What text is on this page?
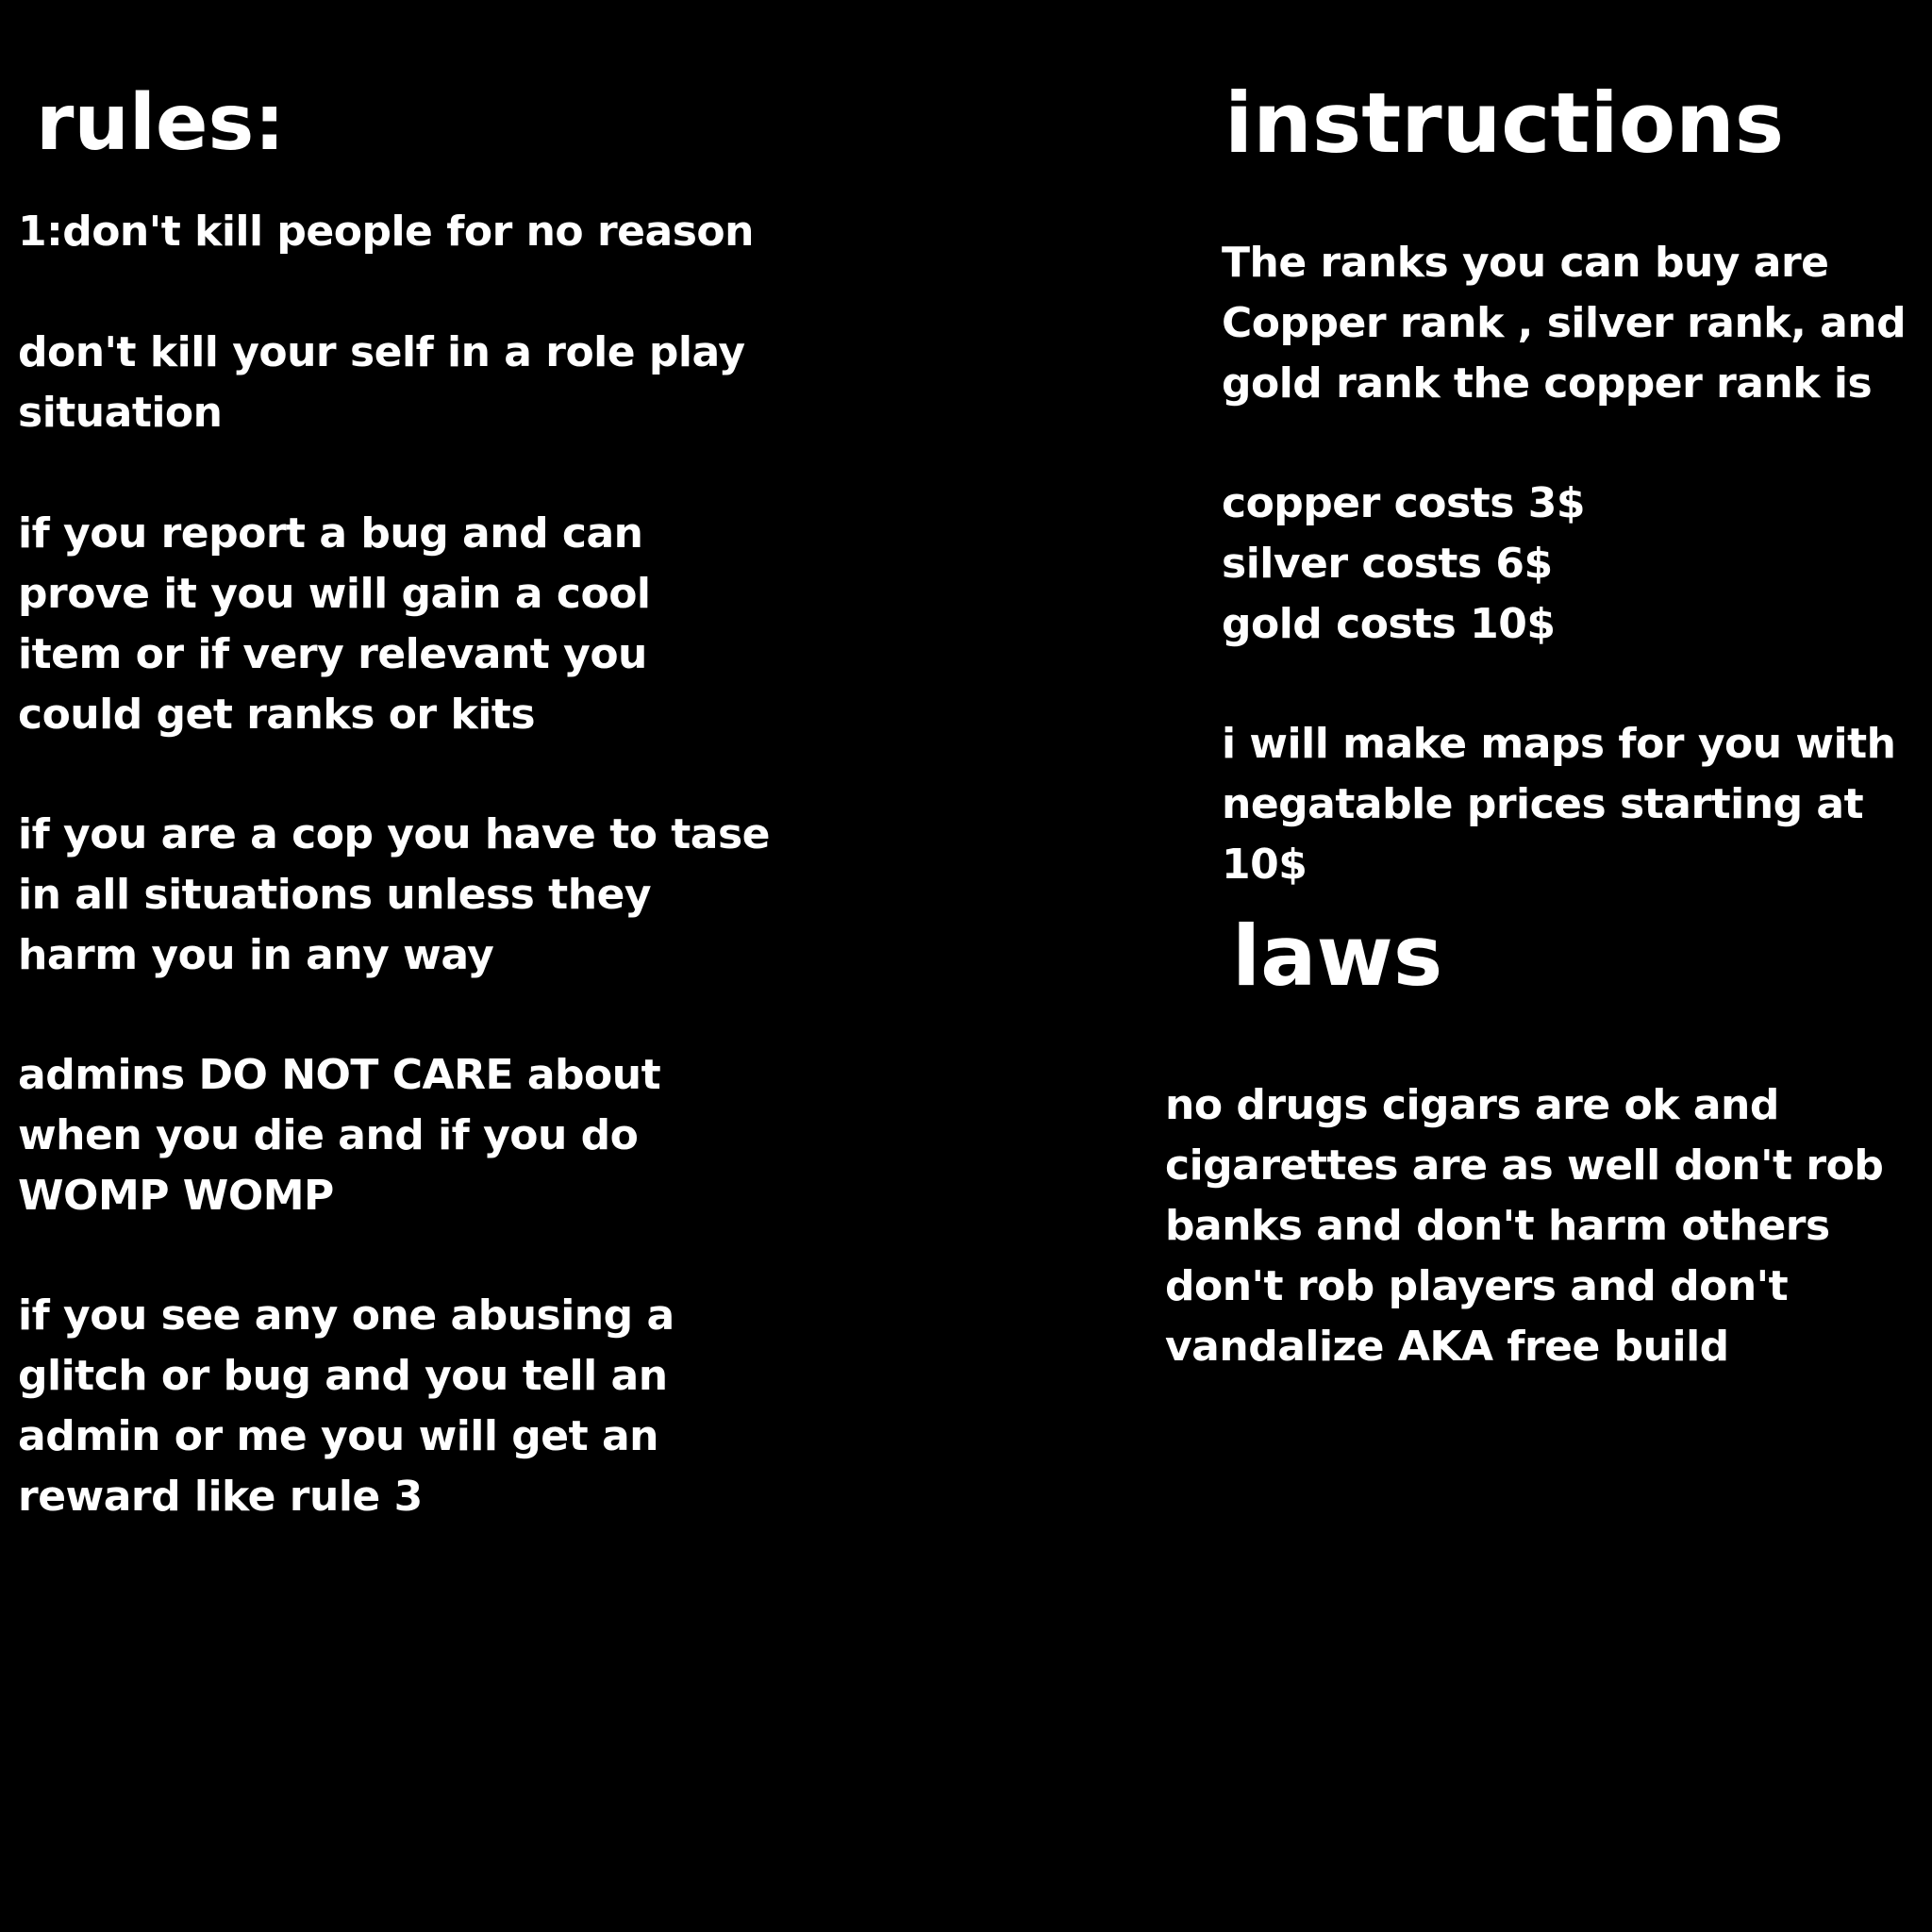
rules:

1:don't kill people for no reason

don't kill your self in a role play
situation

if you report a bug and can
prove it you will gain a cool
item or if very relevant you
could get ranks or kits

if you are a cop you have to tase
in all situations unless they
harm you in any way

admins DO NOT CARE about
when you die and if you do
WOMP WOMP

if you see any one abusing a
glitch or bug and you tell an
admin or me you will get an
reward like rule 3

instructions

The ranks you can buy are
Copper rank , silver rank, and
gold rank the copper rank is

copper costs 3$
silver costs 6$
gold costs 10$

i will make maps for you with
negatable prices starting at 10$

laws

no drugs cigars are ok and
cigarettes are as well don't rob
banks and don't harm others
don't rob players and don't
vandalize AKA free build
